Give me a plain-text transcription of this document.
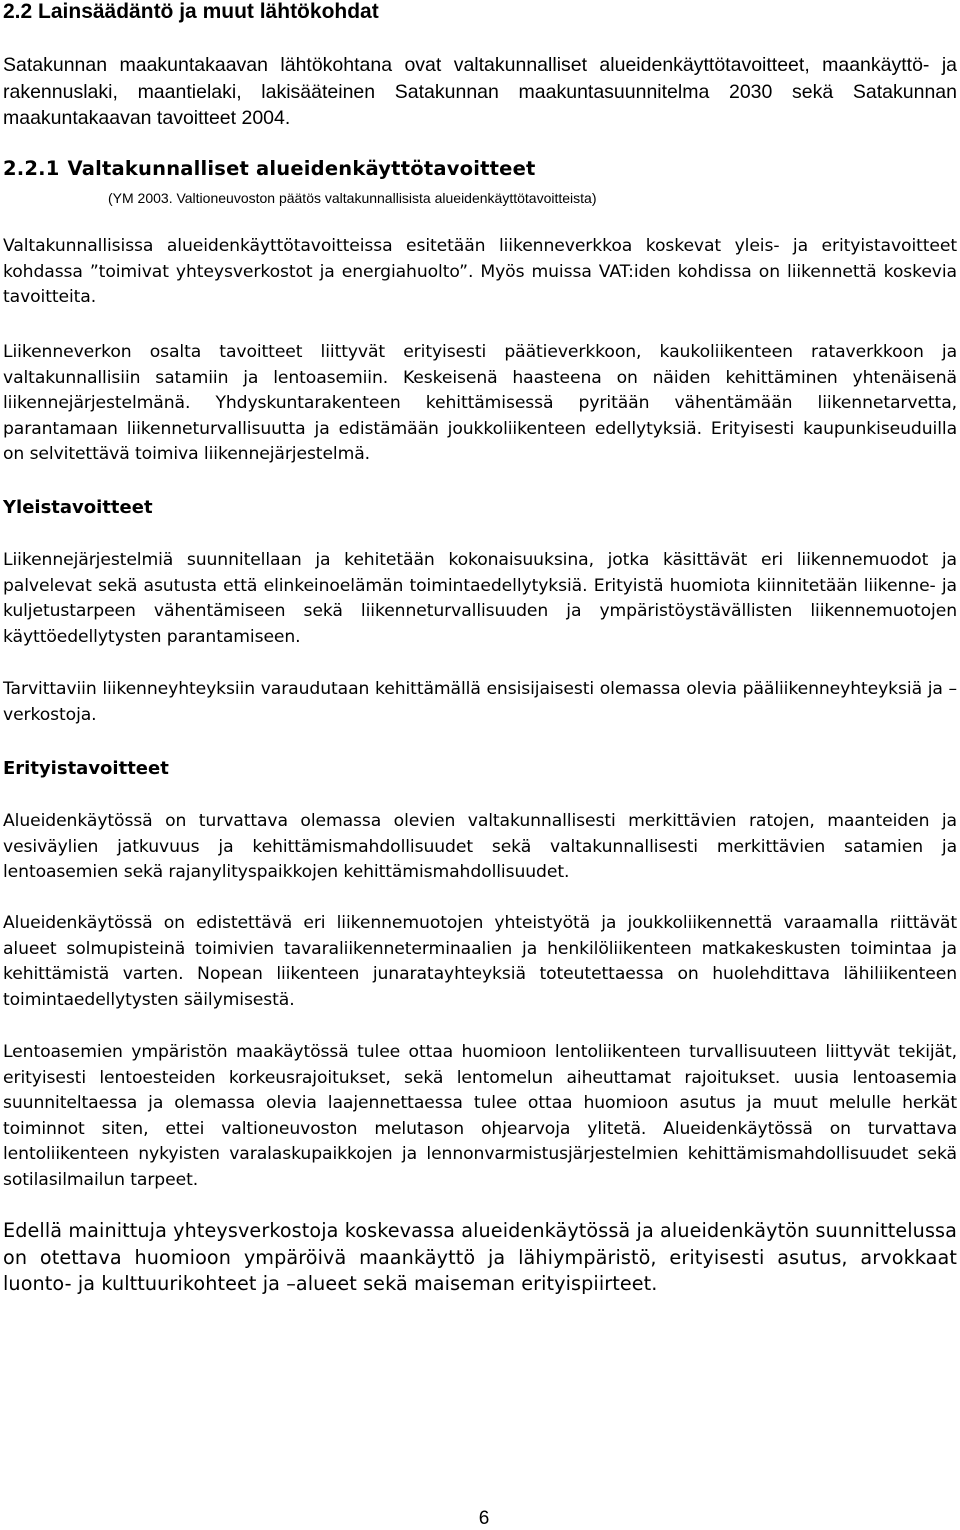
2.2 Lainsäädäntö ja muut lähtökohdat

Satakunnan maakuntakaavan lähtökohtana ovat valtakunnalliset alueidenkäyttötavoitteet, maankäyttö- ja rakennuslaki, maantielaki, lakisääteinen Satakunnan maakuntasuunnitelma 2030 sekä Satakunnan maakuntakaavan tavoitteet 2004.

2.2.1 Valtakunnalliset alueidenkäyttötavoitteet

(YM 2003. Valtioneuvoston päätös valtakunnallisista alueidenkäyttötavoitteista)

Valtakunnallisissa alueidenkäyttötavoitteissa esitetään liikenneverkkoa koskevat yleis- ja erityistavoitteet kohdassa ”toimivat yhteysverkostot ja energiahuolto”. Myös muissa VAT:iden kohdissa on liikennettä koskevia tavoitteita.

Liikenneverkon osalta tavoitteet liittyvät erityisesti päätieverkkoon, kaukoliikenteen rataverkkoon ja valtakunnallisiin satamiin ja lentoasemiin. Keskeisenä haasteena on näiden kehittäminen yhtenäisenä liikennejärjestelmänä. Yhdyskuntarakenteen kehittämisessä pyritään vähentämään liikennetarvetta, parantamaan liikenneturvallisuutta ja edistämään joukkoliikenteen edellytyksiä. Erityisesti kaupunkiseuduilla on selvitettävä toimiva liikennejärjestelmä.

Yleistavoitteet

Liikennejärjestelmiä suunnitellaan ja kehitetään kokonaisuuksina, jotka käsittävät eri liikennemuodot ja palvelevat sekä asutusta että elinkeinoelämän toimintaedellytyksiä. Erityistä huomiota kiinnitetään liikenne- ja kuljetustarpeen vähentämiseen sekä liikenneturvallisuuden ja ympäristöystävällisten liikennemuotojen käyttöedellytysten parantamiseen.

Tarvittaviin liikenneyhteyksiin varaudutaan kehittämällä ensisijaisesti olemassa olevia pääliikenneyhteyksiä ja –verkostoja.

Erityistavoitteet

Alueidenkäytössä on turvattava olemassa olevien valtakunnallisesti merkittävien ratojen, maanteiden ja vesiväylien jatkuvuus ja kehittämismahdollisuudet sekä valtakunnallisesti merkittävien satamien ja lentoasemien sekä rajanylityspaikkojen kehittämismahdollisuudet.

Alueidenkäytössä on edistettävä eri liikennemuotojen yhteistyötä ja joukkoliikennettä varaamalla riittävät alueet solmupisteinä toimivien tavaraliikenneterminaalien ja henkilöliikenteen matkakeskusten toimintaa ja kehittämistä varten. Nopean liikenteen junaratayhteyksiä toteutettaessa on huolehdittava lähiliikenteen toimintaedellytysten säilymisestä.

Lentoasemien ympäristön maakäytössä tulee ottaa huomioon lentoliikenteen turvallisuuteen liittyvät tekijät, erityisesti lentoesteiden korkeusrajoitukset, sekä lentomelun aiheuttamat rajoitukset. uusia lentoasemia suunniteltaessa ja olemassa olevia laajennettaessa tulee ottaa huomioon asutus ja muut melulle herkät toiminnot siten, ettei valtioneuvoston melutason ohjearvoja ylitetä. Alueidenkäytössä on turvattava lentoliikenteen nykyisten varalaskupaikkojen ja lennonvarmistusjärjestelmien kehittämismahdollisuudet sekä sotilasilmailun tarpeet.

Edellä mainittuja yhteysverkostoja koskevassa alueidenkäytössä ja alueidenkäytön suunnittelussa on otettava huomioon ympäröivä maankäyttö ja lähiympäristö, erityisesti asutus, arvokkaat luonto- ja kulttuurikohteet ja –alueet sekä maiseman erityispiirteet.

6
